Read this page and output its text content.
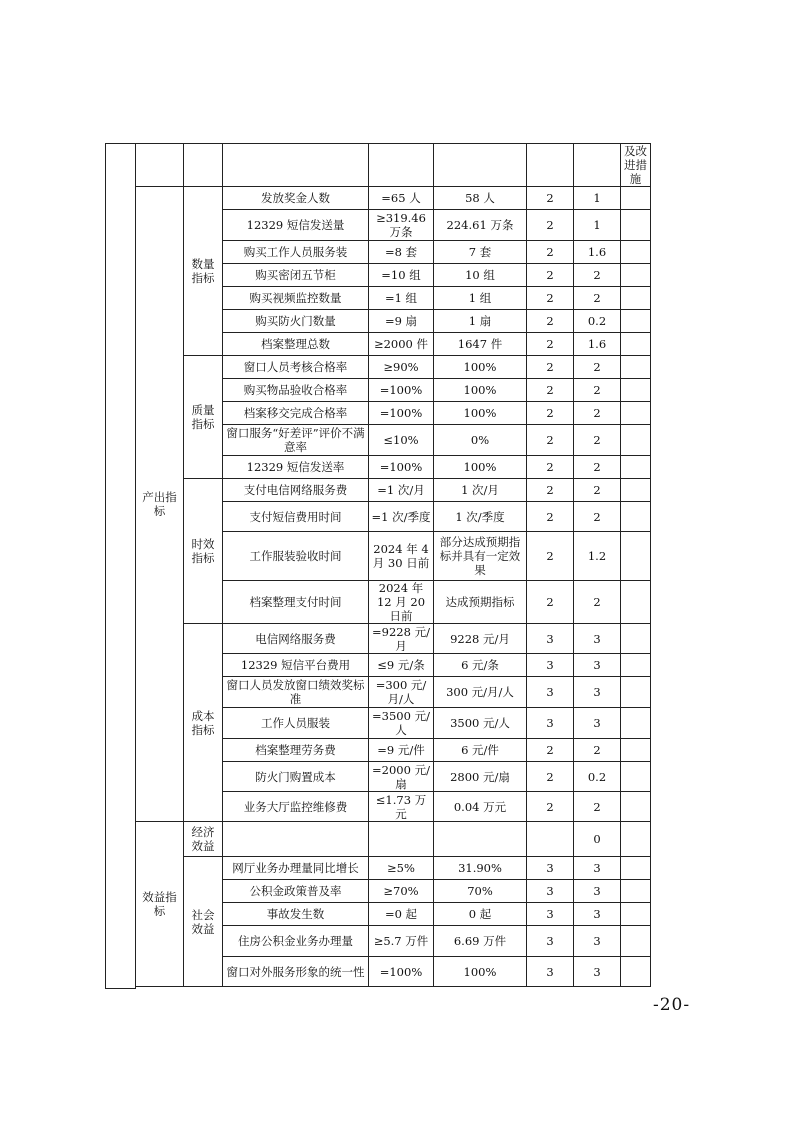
								及改进措施
	产出指标	数量指标	发放奖金人数	=65 人	58 人	2	1	
			12329 短信发送量	≥319.46 万条	224.61 万条	2	1	
			购买工作人员服务装	=8 套	7 套	2	1.6	
			购买密闭五节柜	=10 组	10 组	2	2	
			购买视频监控数量	=1 组	1 组	2	2	
			购买防火门数量	=9 扇	1 扇	2	0.2	
			档案整理总数	≥2000 件	1647 件	2	1.6	
		质量指标	窗口人员考核合格率	≥90%	100%	2	2	
			购买物品验收合格率	=100%	100%	2	2	
			档案移交完成合格率	=100%	100%	2	2	
			窗口服务“好差评”评价不满意率	≤10%	0%	2	2	
			12329 短信发送率	=100%	100%	2	2	
		时效指标	支付电信网络服务费	=1 次/月	1 次/月	2	2	
			支付短信费用时间	=1 次/季度	1 次/季度	2	2	
			工作服装验收时间	2024 年 4 月 30 日前	部分达成预期指标并具有一定效果	2	1.2	
			档案整理支付时间	2024 年 12 月 20 日前	达成预期指标	2	2	
		成本指标	电信网络服务费	=9228 元/月	9228 元/月	3	3	
			12329 短信平台费用	≤9 元/条	6 元/条	3	3	
			窗口人员发放窗口绩效奖标准	=300 元/月/人	300 元/月/人	3	3	
			工作人员服装	=3500 元/人	3500 元/人	3	3	
			档案整理劳务费	=9 元/件	6 元/件	2	2	
			防火门购置成本	=2000 元/扇	2800 元/扇	2	0.2	
			业务大厅监控维修费	≤1.73 万元	0.04 万元	2	2	
	效益指标	经济效益					0	
		社会效益	网厅业务办理量同比增长	≥5%	31.90%	3	3	
			公积金政策普及率	≥70%	70%	3	3	
			事故发生数	=0 起	0 起	3	3	
			住房公积金业务办理量	≥5.7 万件	6.69 万件	3	3	
			窗口对外服务形象的统一性	=100%	100%	3	3	

-20-
